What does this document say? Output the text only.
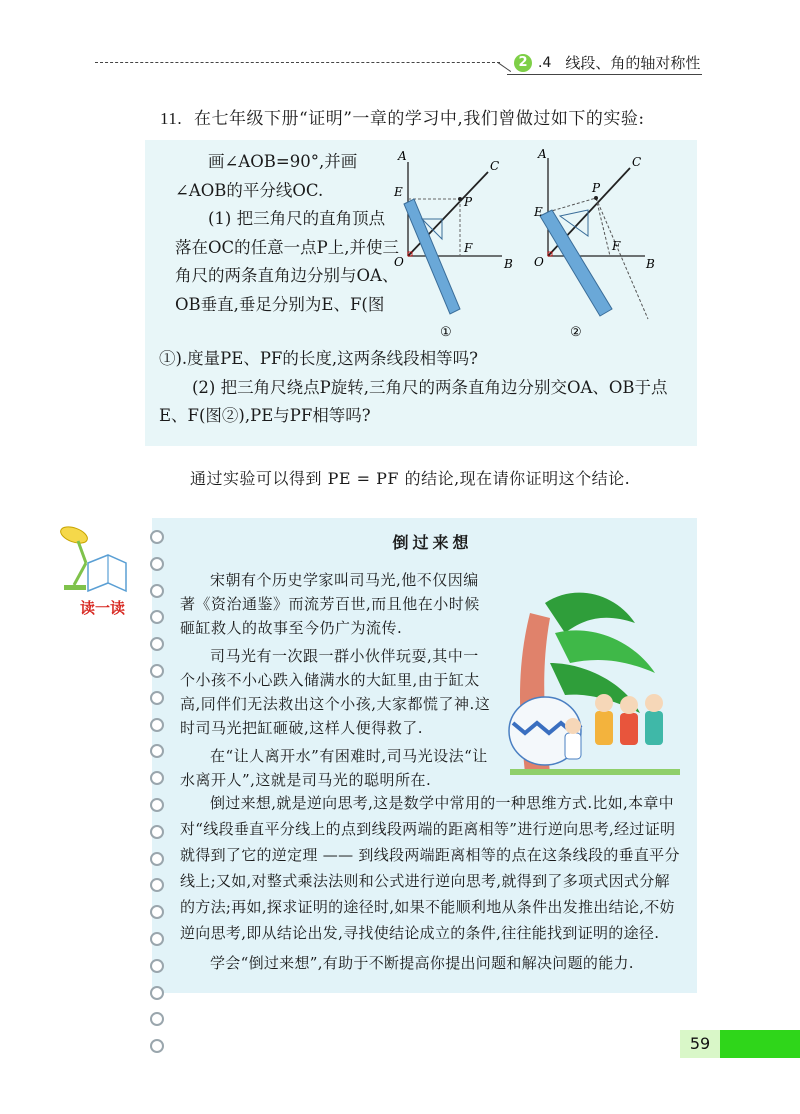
2 .4 线段、角的轴对称性
11. 在七年级下册“证明”一章的学习中,我们曾做过如下的实验:

画∠AOB=90°,并画∠AOB的平分线OC.

(1) 把三角尺的直角顶点落在OC的任意一点P上,并使三角尺的两条直角边分别与OA、OB垂直,垂足分别为E、F(图

A
B
C
E
F
O
P
①
A
B
C
E
F
O
P
②

①).度量PE、PF的长度,这两条线段相等吗?

(2) 把三角尺绕点P旋转,三角尺的两条直角边分别交OA、OB于点E、F(图②),PE与PF相等吗?

通过实验可以得到 PE = PF 的结论,现在请你证明这个结论.
读一读
倒过来想

宋朝有个历史学家叫司马光,他不仅因编著《资治通鉴》而流芳百世,而且他在小时候砸缸救人的故事至今仍广为流传.

司马光有一次跟一群小伙伴玩耍,其中一个小孩不小心跌入储满水的大缸里,由于缸太高,同伴们无法救出这个小孩,大家都慌了神.这时司马光把缸砸破,这样人便得救了.

在“让人离开水”有困难时,司马光设法“让水离开人”,这就是司马光的聪明所在.

倒过来想,就是逆向思考,这是数学中常用的一种思维方式.比如,本章中对“线段垂直平分线上的点到线段两端的距离相等”进行逆向思考,经过证明就得到了它的逆定理 —— 到线段两端距离相等的点在这条线段的垂直平分线上;又如,对整式乘法法则和公式进行逆向思考,就得到了多项式因式分解的方法;再如,探求证明的途径时,如果不能顺利地从条件出发推出结论,不妨逆向思考,即从结论出发,寻找使结论成立的条件,往往能找到证明的途径.

学会“倒过来想”,有助于不断提高你提出问题和解决问题的能力.

59
